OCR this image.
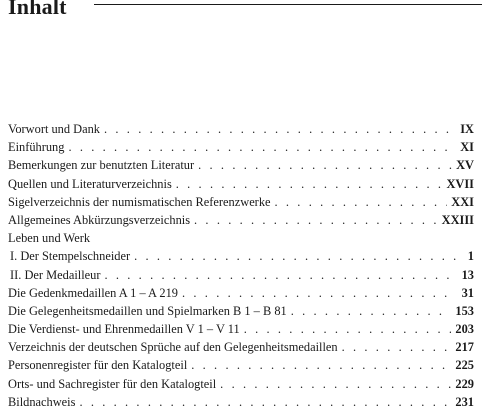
Inhalt
Vorwort und Dank . . .	IX
Einführung . . .	XI
Bemerkungen zur benutzten Literatur . . .	XV
Quellen und Literaturverzeichnis . . .	XVII
Sigelverzeichnis der numismatischen Referenzwerke . . .	XXI
Allgemeines Abkürzungsverzeichnis . . .	XXIII
Leben und Werk
I. Der Stempelschneider . . .	1
II. Der Medailleur . . .	13
Die Gedenkmedaillen A 1 – A 219 . . .	31
Die Gelegenheitsmedaillen und Spielmarken B 1 – B 81 . . .	153
Die Verdienst- und Ehrenmedaillen V 1 – V 11 . . .	203
Verzeichnis der deutschen Sprüche auf den Gelegenheitsmedaillen . . .	217
Personenregister für den Katalogteil . . .	225
Orts- und Sachregister für den Katalogteil . . .	229
Bildnachweis . . .	231
